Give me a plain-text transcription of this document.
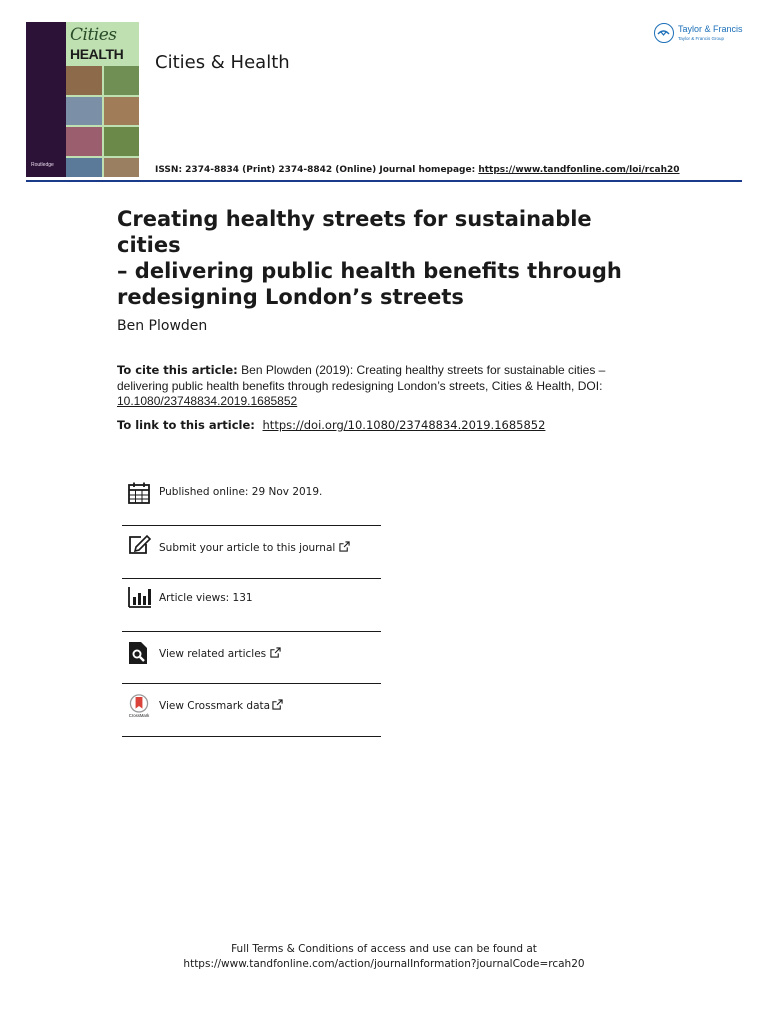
Cities
HEALTH
Routledge
Cities & Health
Taylor & Francis
Taylor & Francis Group
ISSN: 2374-8834 (Print) 2374-8842 (Online) Journal homepage: https://www.tandfonline.com/loi/rcah20
Creating healthy streets for sustainable cities
– delivering public health benefits through
redesigning London’s streets
Ben Plowden
To cite this article: Ben Plowden (2019): Creating healthy streets for sustainable cities – delivering public health benefits through redesigning London’s streets, Cities & Health, DOI:
10.1080/23748834.2019.1685852
To link to this article: https://doi.org/10.1080/23748834.2019.1685852
Published online: 29 Nov 2019.
Submit your article to this journal
Article views: 131
View related articles
CrossMark
View Crossmark data
Full Terms & Conditions of access and use can be found at
https://www.tandfonline.com/action/journalInformation?journalCode=rcah20
